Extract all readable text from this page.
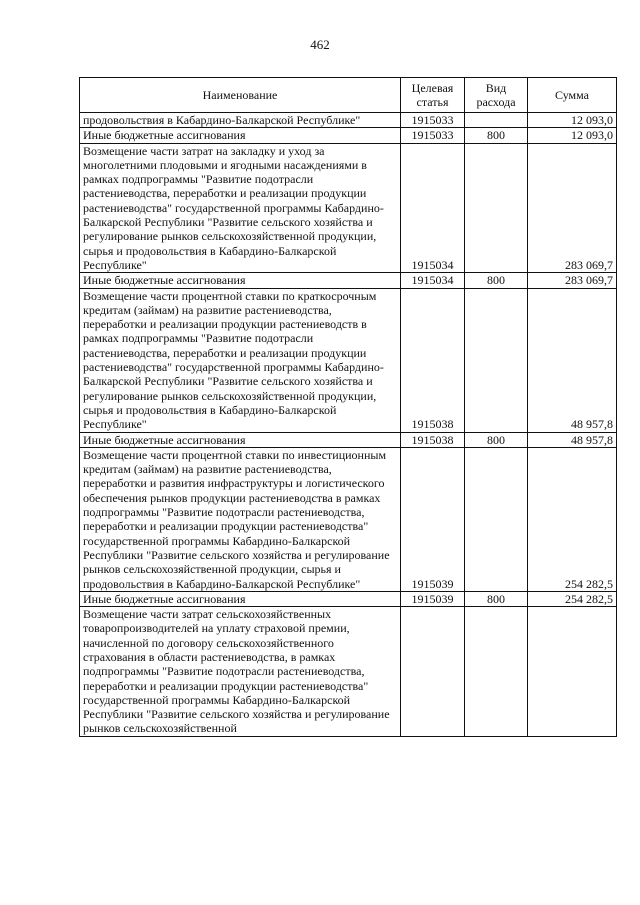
462
Наименование	Целевая статья	Вид расхода	Сумма
продовольствия в Кабардино-Балкарской Республике"	1915033		12 093,0
Иные бюджетные ассигнования	1915033	800	12 093,0
Возмещение части затрат на закладку и уход за многолетними плодовыми и ягодными насаждениями в рамках подпрограммы "Развитие подотрасли растениеводства, переработки и реализации продукции растениеводства" государственной программы Кабардино-Балкарской Республики "Развитие сельского хозяйства и регулирование рынков сельскохозяйственной продукции, сырья и продовольствия в Кабардино-Балкарской Республике"	1915034		283 069,7
Иные бюджетные ассигнования	1915034	800	283 069,7
Возмещение части процентной ставки по краткосрочным кредитам (займам) на развитие растениеводства, переработки и реализации продукции растениеводств в рамках подпрограммы "Развитие подотрасли растениеводства, переработки и реализации продукции растениеводства" государственной программы Кабардино-Балкарской Республики "Развитие сельского хозяйства и регулирование рынков сельскохозяйственной продукции, сырья и продовольствия в Кабардино-Балкарской Республике"	1915038		48 957,8
Иные бюджетные ассигнования	1915038	800	48 957,8
Возмещение части процентной ставки по инвестиционным кредитам (займам) на развитие растениеводства, переработки и развития инфраструктуры и логистического обеспечения рынков продукции растениеводства в рамках подпрограммы "Развитие подотрасли растениеводства, переработки и реализации продукции растениеводства" государственной программы Кабардино-Балкарской Республики "Развитие сельского хозяйства и регулирование рынков сельскохозяйственной продукции, сырья и продовольствия в Кабардино-Балкарской Республике"	1915039		254 282,5
Иные бюджетные ассигнования	1915039	800	254 282,5
Возмещение части затрат сельскохозяйственных товаропроизводителей на уплату страховой премии, начисленной по договору сельскохозяйственного страхования в области растениеводства, в рамках подпрограммы "Развитие подотрасли растениеводства, переработки и реализации продукции растениеводства" государственной программы Кабардино-Балкарской Республики "Развитие сельского хозяйства и регулирование рынков сельскохозяйственной			
